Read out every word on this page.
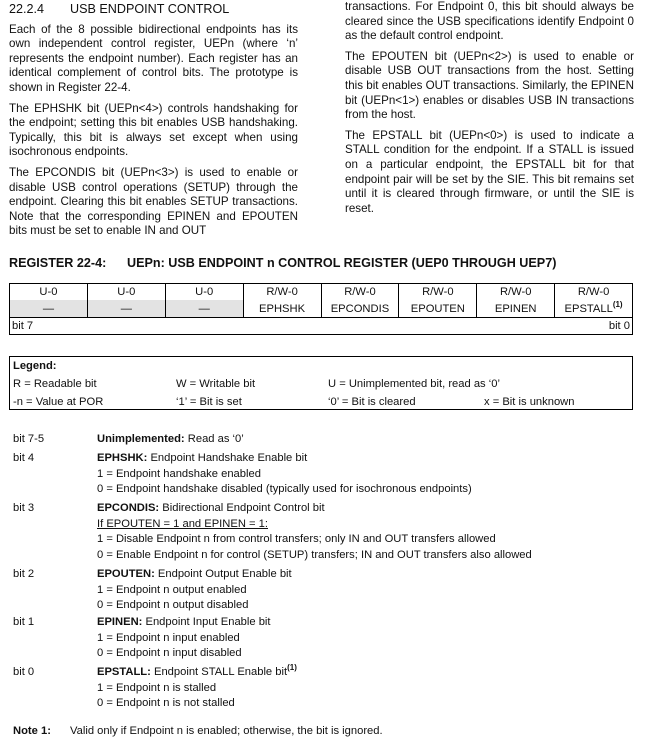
22.2.4 USB ENDPOINT CONTROL

Each of the 8 possible bidirectional endpoints has its own independent control register, UEPn (where ‘n’ represents the endpoint number). Each register has an identical complement of control bits. The prototype is shown in Register 22-4.

The EPHSHK bit (UEPn<4>) controls handshaking for the endpoint; setting this bit enables USB handshaking. Typically, this bit is always set except when using isochronous endpoints.

The EPCONDIS bit (UEPn<3>) is used to enable or disable USB control operations (SETUP) through the endpoint. Clearing this bit enables SETUP transactions. Note that the corresponding EPINEN and EPOUTEN bits must be set to enable IN and OUT

transactions. For Endpoint 0, this bit should always be cleared since the USB specifications identify Endpoint 0 as the default control endpoint.

The EPOUTEN bit (UEPn<2>) is used to enable or disable USB OUT transactions from the host. Setting this bit enables OUT transactions. Similarly, the EPINEN bit (UEPn<1>) enables or disables USB IN transactions from the host.

The EPSTALL bit (UEPn<0>) is used to indicate a STALL condition for the endpoint. If a STALL is issued on a particular endpoint, the EPSTALL bit for that endpoint pair will be set by the SIE. This bit remains set until it is cleared through firmware, or until the SIE is reset.

REGISTER 22-4: UEPn: USB ENDPOINT n CONTROL REGISTER (UEP0 THROUGH UEP7)
U-0	U-0	U-0	R/W-0	R/W-0	R/W-0	R/W-0	R/W-0
—	—	—	EPHSHK	EPCONDIS	EPOUTEN	EPINEN	EPSTALL$^{(1)}$
bit 7 bit 0							
Legend:
R = Readable bit	W = Writable bit	U = Unimplemented bit, read as ‘0’
-n = Value at POR	‘1’ = Bit is set	‘0’ = Bit is cleared	x = Bit is unknown
bit 7-5	Unimplemented: Read as ‘0’
bit 4	EPHSHK: Endpoint Handshake Enable bit
1 = Endpoint handshake enabled
0 = Endpoint handshake disabled (typically used for isochronous endpoints)
bit 3	EPCONDIS: Bidirectional Endpoint Control bit
If EPOUTEN = 1 and EPINEN = 1:
1 = Disable Endpoint n from control transfers; only IN and OUT transfers allowed
0 = Enable Endpoint n for control (SETUP) transfers; IN and OUT transfers also allowed
bit 2	EPOUTEN: Endpoint Output Enable bit
1 = Endpoint n output enabled
0 = Endpoint n output disabled
bit 1	EPINEN: Endpoint Input Enable bit
1 = Endpoint n input enabled
0 = Endpoint n input disabled
bit 0	EPSTALL: Endpoint STALL Enable bit$^{(1)}$
1 = Endpoint n is stalled
0 = Endpoint n is not stalled
Note 1: Valid only if Endpoint n is enabled; otherwise, the bit is ignored.
